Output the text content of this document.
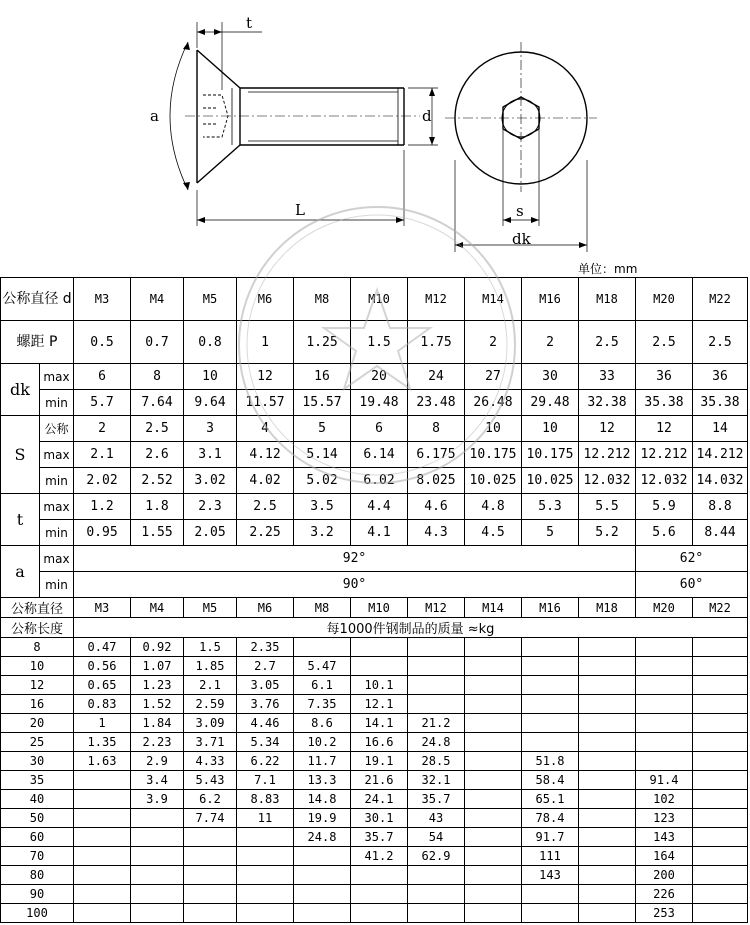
t
a	d
L	s
dk
单位：mm
公称直径 d		M3	M4	M5	M6	M8	M10	M12	M14	M16	M18	M20	M22
螺距 P		0.5	0.7	0.8	1	1.25	1.5	1.75	2	2	2.5	2.5	2.5
dk	max	6	8	10	12	16	20	24	27	30	33	36	36
	min	5.7	7.64	9.64	11.57	15.57	19.48	23.48	26.48	29.48	32.38	35.38	35.38
S	公称	2	2.5	3	4	5	6	8	10	10	12	12	14
	max	2.1	2.6	3.1	4.12	5.14	6.14	6.175	10.175	10.175	12.212	12.212	14.212
	min	2.02	2.52	3.02	4.02	5.02	6.02	8.025	10.025	10.025	12.032	12.032	14.032
t	max	1.2	1.8	2.3	2.5	3.5	4.4	4.6	4.8	5.3	5.5	5.9	8.8
	min	0.95	1.55	2.05	2.25	3.2	4.1	4.3	4.5	5	5.2	5.6	8.44
a	max	92°										62°	
	min	90°										60°	
公称直径	M3	M4	M5	M6	M8	M10	M12	M14	M16	M18	M20	M22
公称长度	每1000件钢制品的质量 ≈kg											
8	0.47	0.92	1.5	2.35								
10	0.56	1.07	1.85	2.7	5.47							
12	0.65	1.23	2.1	3.05	6.1	10.1						
16	0.83	1.52	2.59	3.76	7.35	12.1						
20	1	1.84	3.09	4.46	8.6	14.1	21.2					
25	1.35	2.23	3.71	5.34	10.2	16.6	24.8					
30	1.63	2.9	4.33	6.22	11.7	19.1	28.5		51.8			
35		3.4	5.43	7.1	13.3	21.6	32.1		58.4		91.4	
40		3.9	6.2	8.83	14.8	24.1	35.7		65.1		102	
50			7.74	11	19.9	30.1	43		78.4		123	
60					24.8	35.7	54		91.7		143	
70						41.2	62.9		111		164	
80									143		200	
90											226	
100											253	
